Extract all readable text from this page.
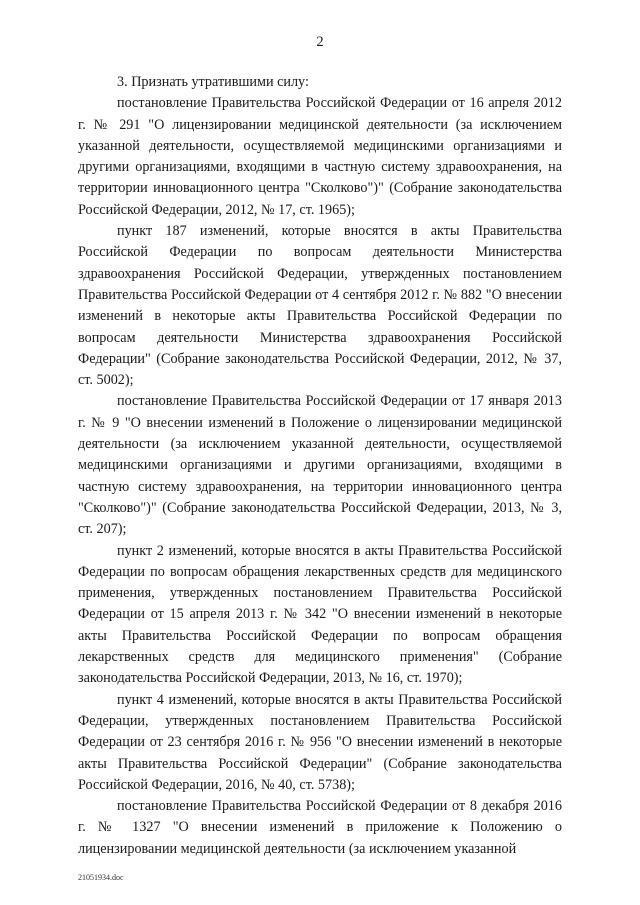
2

3. Признать утратившими силу:

постановление Правительства Российской Федерации от 16 апреля 2012 г. № 291 "О лицензировании медицинской деятельности (за исключением указанной деятельности, осуществляемой медицинскими организациями и другими организациями, входящими в частную систему здравоохранения, на территории инновационного центра "Сколково")" (Собрание законодательства Российской Федерации, 2012, № 17, ст. 1965);

пункт 187 изменений, которые вносятся в акты Правительства Российской Федерации по вопросам деятельности Министерства здравоохранения Российской Федерации, утвержденных постановлением Правительства Российской Федерации от 4 сентября 2012 г. № 882 "О внесении изменений в некоторые акты Правительства Российской Федерации по вопросам деятельности Министерства здравоохранения Российской Федерации" (Собрание законодательства Российской Федерации, 2012, № 37, ст. 5002);

постановление Правительства Российской Федерации от 17 января 2013 г. № 9 "О внесении изменений в Положение о лицензировании медицинской деятельности (за исключением указанной деятельности, осуществляемой медицинскими организациями и другими организациями, входящими в частную систему здравоохранения, на территории инновационного центра "Сколково")" (Собрание законодательства Российской Федерации, 2013, № 3, ст. 207);

пункт 2 изменений, которые вносятся в акты Правительства Российской Федерации по вопросам обращения лекарственных средств для медицинского применения, утвержденных постановлением Правительства Российской Федерации от 15 апреля 2013 г. № 342 "О внесении изменений в некоторые акты Правительства Российской Федерации по вопросам обращения лекарственных средств для медицинского применения" (Собрание законодательства Российской Федерации, 2013, № 16, ст. 1970);

пункт 4 изменений, которые вносятся в акты Правительства Российской Федерации, утвержденных постановлением Правительства Российской Федерации от 23 сентября 2016 г. № 956 "О внесении изменений в некоторые акты Правительства Российской Федерации" (Собрание законодательства Российской Федерации, 2016, № 40, ст. 5738);

постановление Правительства Российской Федерации от 8 декабря 2016 г. № 1327 "О внесении изменений в приложение к Положению о лицензировании медицинской деятельности (за исключением указанной

21051934.doc
